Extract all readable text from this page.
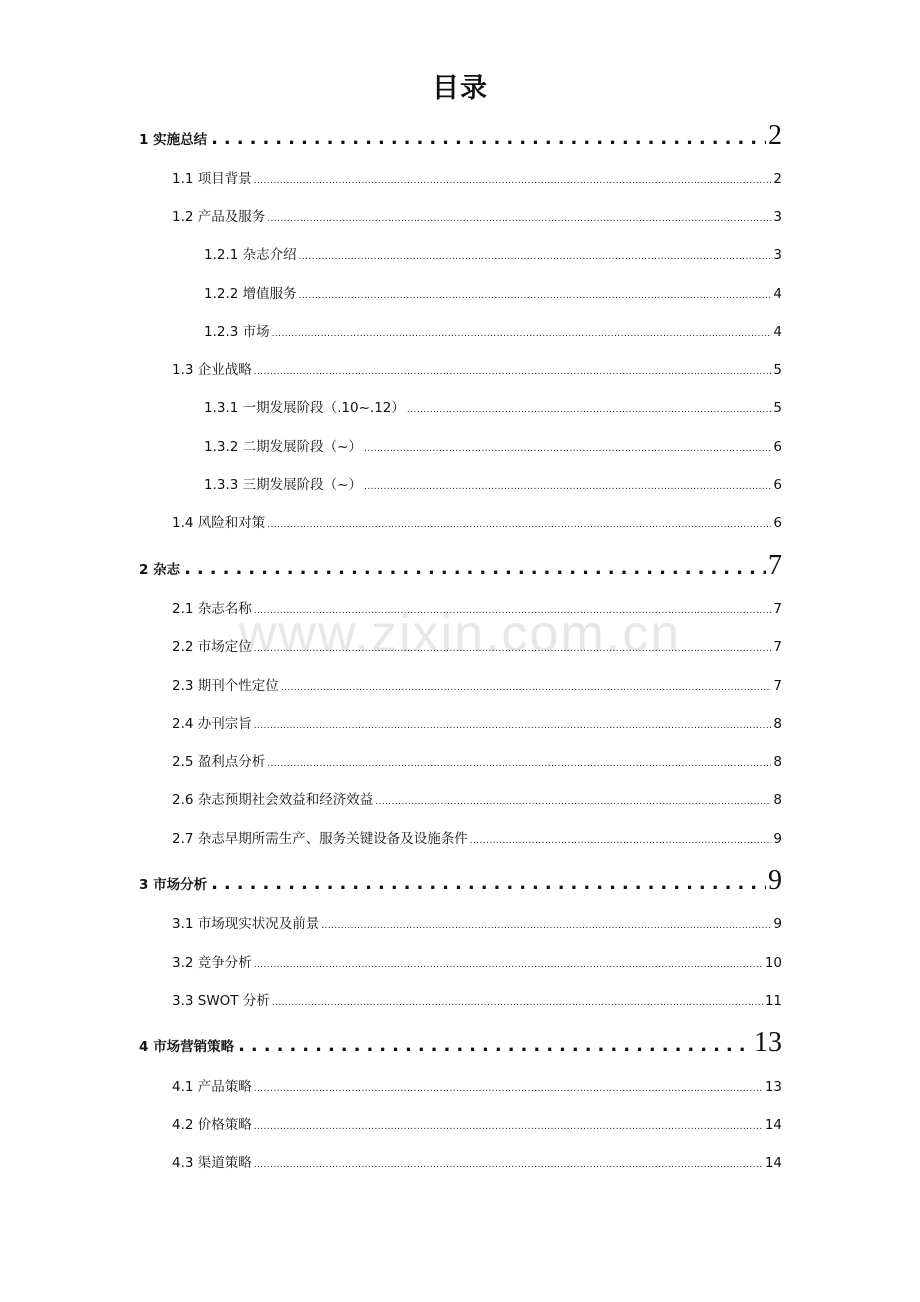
目录
www.zixin.com.cn
1 实施总结 .....	2
1.1 项目背景 .....	2
1.2 产品及服务 .....	3
1.2.1 杂志介绍 .....	3
1.2.2 增值服务 .....	4
1.2.3 市场 .....	4
1.3 企业战略 .....	5
1.3.1 一期发展阶段（.10~.12） .....	5
1.3.2 二期发展阶段（~） .....	6
1.3.3 三期发展阶段（~） .....	6
1.4 风险和对策 .....	6
2 杂志 .....	7
2.1 杂志名称 .....	7
2.2 市场定位 .....	7
2.3 期刊个性定位 .....	7
2.4 办刊宗旨 .....	8
2.5 盈利点分析 .....	8
2.6 杂志预期社会效益和经济效益 .....	8
2.7 杂志早期所需生产、服务关键设备及设施条件 .....	9
3 市场分析 .....	9
3.1 市场现实状况及前景 .....	9
3.2 竞争分析 .....	10
3.3 SWOT 分析 .....	11
4 市场营销策略 .....	13
4.1 产品策略 .....	13
4.2 价格策略 .....	14
4.3 渠道策略 .....	14
